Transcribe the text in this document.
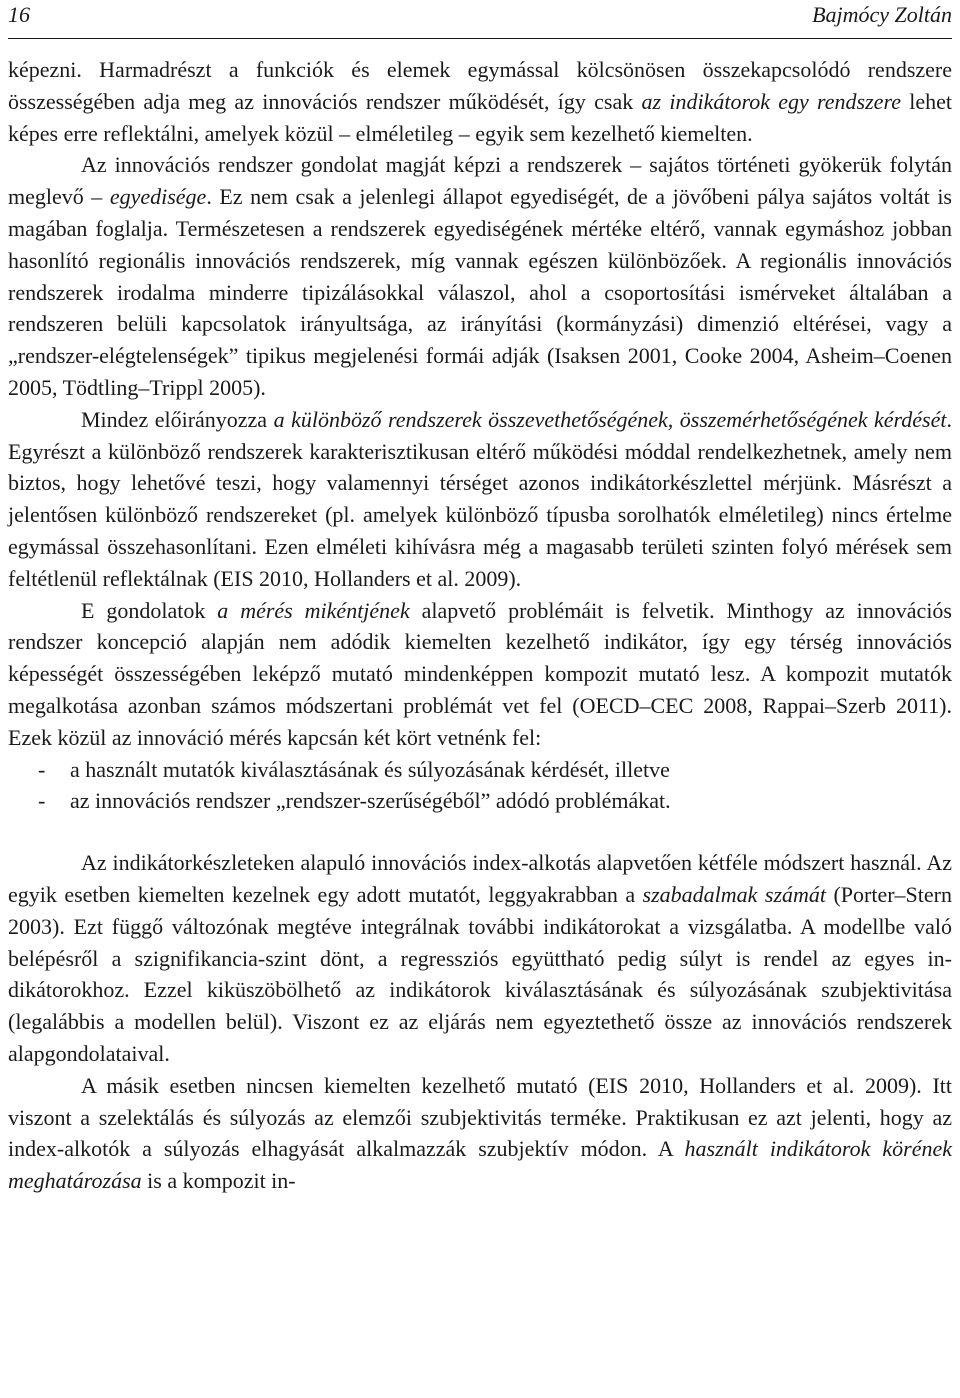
16	Bajmócy Zoltán

képezni. Harmadrészt a funkciók és elemek egymással kölcsönösen összekapcsolódó rendszere összességében adja meg az innovációs rendszer működését, így csak az indikátorok egy rendszere lehet képes erre reflektálni, amelyek közül – elméletileg – egyik sem kezelhető kiemelten.

Az innovációs rendszer gondolat magját képzi a rendszerek – sajátos történeti gyökerük folytán meglevő – egyedisége. Ez nem csak a jelenlegi állapot egyediségét, de a jövőbeni pálya sajátos voltát is magában foglalja. Természetesen a rendszerek egyediségének mértéke eltérő, vannak egymáshoz jobban hasonlító regionális innovációs rendszerek, míg vannak egészen különbözőek. A regionális innovációs rendszerek irodalma minderre tipizálásokkal válaszol, ahol a csoportosítási ismérveket általában a rendszeren belüli kapcsolatok irányultsága, az irányítási (kormányzási) dimenzió eltérései, vagy a „rendszer-elégtelenségek” tipikus megjelenési formái adják (Isaksen 2001, Cooke 2004, Asheim–Coenen 2005, Tödtling–Trippl 2005).

Mindez előirányozza a különböző rendszerek összevethetőségének, összemérhetőségének kérdését. Egyrészt a különböző rendszerek karakterisztikusan eltérő működési móddal rendelkezhetnek, amely nem biztos, hogy lehetővé teszi, hogy valamennyi térséget azonos indikátorkészlettel mérjünk. Másrészt a jelentősen különböző rendszereket (pl. amelyek különböző típusba sorolhatók elméletileg) nincs értelme egymással összehasonlítani. Ezen elméleti kihívásra még a magasabb területi szinten folyó mérések sem feltétlenül reflektálnak (EIS 2010, Hollanders et al. 2009).

E gondolatok a mérés mikéntjének alapvető problémáit is felvetik. Minthogy az innovációs rendszer koncepció alapján nem adódik kiemelten kezelhető indikátor, így egy térség innovációs képességét összességében leképző mutató mindenképpen kompozit mutató lesz. A kompozit mutatók megalkotása azonban számos módszertani problémát vet fel (OECD–CEC 2008, Rappai–Szerb 2011). Ezek közül az innováció mérés kapcsán két kört vetnénk fel:

- a használt mutatók kiválasztásának és súlyozásának kérdését, illetve
- az innovációs rendszer „rendszer-szerűségéből” adódó problémákat.

Az indikátorkészleteken alapuló innovációs index-alkotás alapvetően kétféle módszert használ. Az egyik esetben kiemelten kezelnek egy adott mutatót, leggyakrabban a szabadalmak számát (Porter–Stern 2003). Ezt függő változónak megtéve integrálnak további indikátorokat a vizsgálatba. A modellbe való belépésről a szignifikancia-szint dönt, a regressziós együttható pedig súlyt is rendel az egyes indikátorokhoz. Ezzel kiküszöbölhető az indikátorok kiválasztásának és súlyozásának szubjektivitása (legalábbis a modellen belül). Viszont ez az eljárás nem egyeztethető össze az innovációs rendszerek alapgondolataival.

A másik esetben nincsen kiemelten kezelhető mutató (EIS 2010, Hollanders et al. 2009). Itt viszont a szelektálás és súlyozás az elemzői szubjektivitás terméke. Praktikusan ez azt jelenti, hogy az index-alkotók a súlyozás elhagyását alkalmazzák szubjektív módon. A használt indikátorok körének meghatározása is a kompozit in-
